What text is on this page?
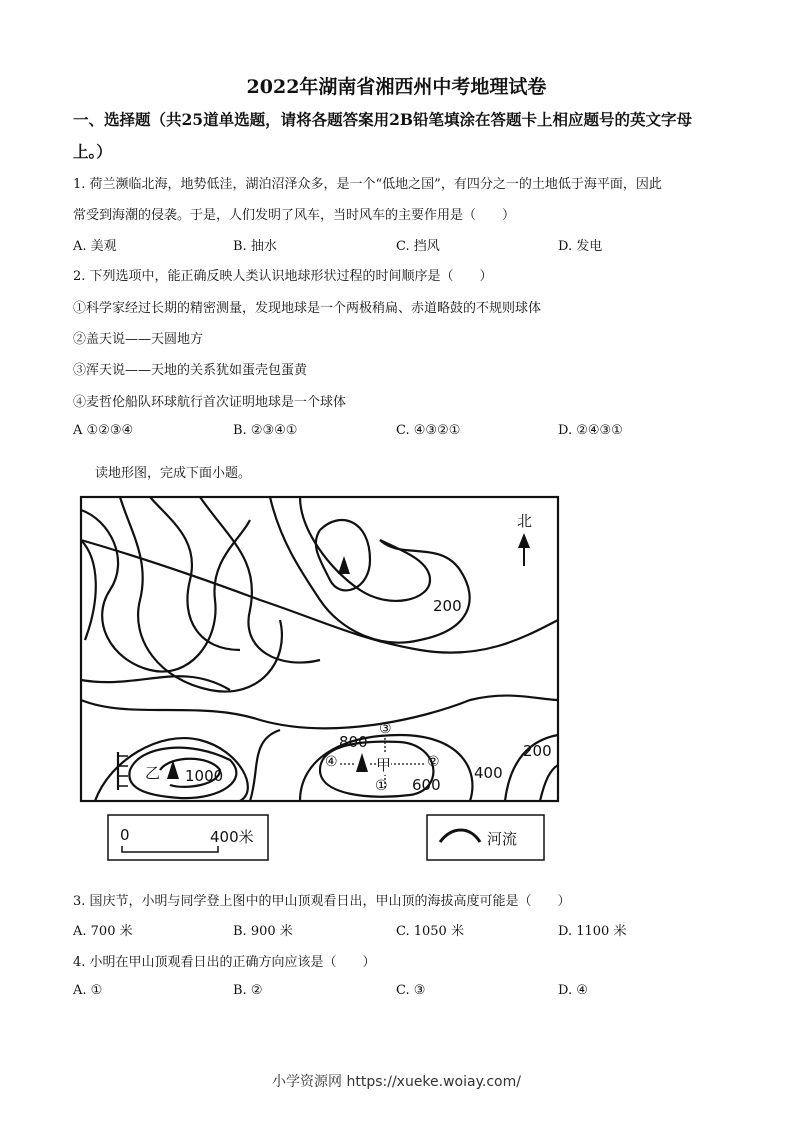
2022年湖南省湘西州中考地理试卷
一、选择题（共25道单选题，请将各题答案用2B铅笔填涂在答题卡上相应题号的英文字母
上。）
1. 荷兰濒临北海，地势低洼，湖泊沼泽众多，是一个“低地之国”，有四分之一的土地低于海平面，因此
常受到海潮的侵袭。于是，人们发明了风车，当时风车的主要作用是（　　）
A. 美观	B. 抽水	C. 挡风	D. 发电
2. 下列选项中，能正确反映人类认识地球形状过程的时间顺序是（　　）
①科学家经过长期的精密测量，发现地球是一个两极稍扁、赤道略鼓的不规则球体
②盖天说——天圆地方
③浑天说——天地的关系犹如蛋壳包蛋黄
④麦哲伦船队环球航行首次证明地球是一个球体
A ①②③④	B. ②③④①	C. ④③②①	D. ②④③①
读地形图，完成下面小题。
北
200
200
400
600
800
1000
乙	甲
①
②
③
④
0	400米	河流
3. 国庆节，小明与同学登上图中的甲山顶观看日出，甲山顶的海拔高度可能是（　　）
A. 700 米	B. 900 米	C. 1050 米	D. 1100 米
4. 小明在甲山顶观看日出的正确方向应该是（　　）
A. ①	B. ②	C. ③	D. ④
小学资源网 https://xueke.woiay.com/
